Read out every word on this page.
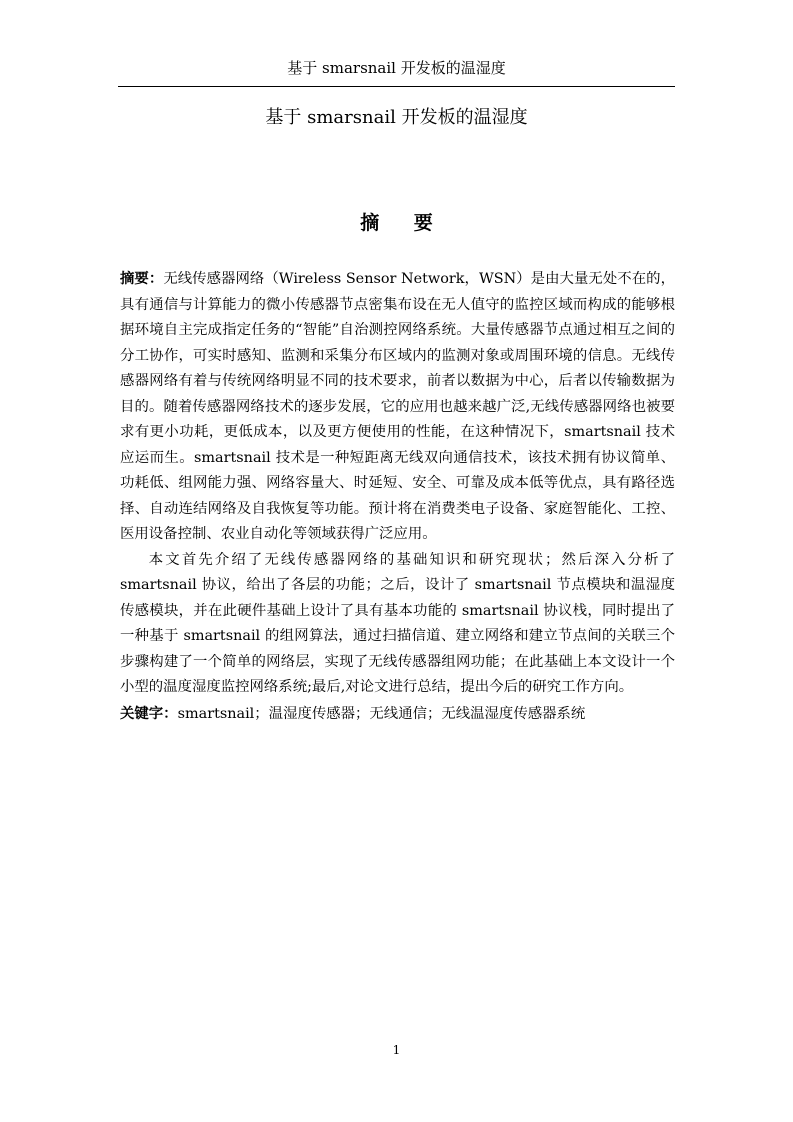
基于 smarsnail 开发板的温湿度
基于 smarsnail 开发板的温湿度
摘 要

摘要：无线传感器网络（Wireless Sensor Network，WSN）是由大量无处不在的，具有通信与计算能力的微小传感器节点密集布设在无人值守的监控区域而构成的能够根据环境自主完成指定任务的“智能”自治测控网络系统。大量传感器节点通过相互之间的分工协作，可实时感知、监测和采集分布区域内的监测对象或周围环境的信息。无线传感器网络有着与传统网络明显不同的技术要求，前者以数据为中心，后者以传输数据为目的。随着传感器网络技术的逐步发展，它的应用也越来越广泛,无线传感器网络也被要求有更小功耗，更低成本，以及更方便使用的性能，在这种情况下，smartsnail 技术应运而生。smartsnail 技术是一种短距离无线双向通信技术，该技术拥有协议简单、功耗低、组网能力强、网络容量大、时延短、安全、可靠及成本低等优点，具有路径选择、自动连结网络及自我恢复等功能。预计将在消费类电子设备、家庭智能化、工控、医用设备控制、农业自动化等领域获得广泛应用。

本文首先介绍了无线传感器网络的基础知识和研究现状；然后深入分析了 smartsnail 协议，给出了各层的功能；之后，设计了 smartsnail 节点模块和温湿度传感模块，并在此硬件基础上设计了具有基本功能的 smartsnail 协议栈，同时提出了一种基于 smartsnail 的组网算法，通过扫描信道、建立网络和建立节点间的关联三个步骤构建了一个简单的网络层，实现了无线传感器组网功能；在此基础上本文设计一个小型的温度湿度监控网络系统;最后,对论文进行总结，提出今后的研究工作方向。

关键字：smartsnail；温湿度传感器；无线通信；无线温湿度传感器系统

1
